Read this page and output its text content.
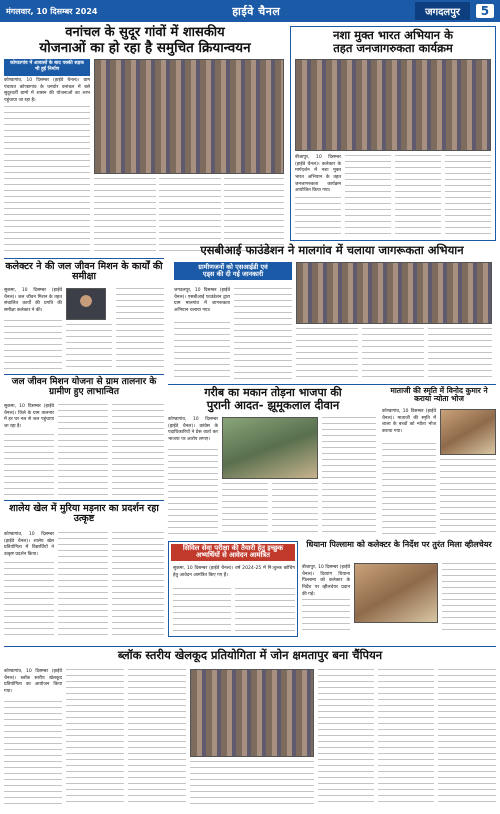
मंगलवार, 10 दिसम्बर 2024	हाईवे चैनल	जगदलपुर	5
वनांचल के सुदूर गांवों में शासकीय
योजनाओं का हो रहा है समुचित क्रियान्वयन
कोण्डागांव में आवासों के बाद पक्की सड़क भी हुई निर्माण
कोण्डागांव, 10 दिसम्बर (हाईवे चैनल)। ग्राम पंचायत कोण्डागांव के घनघोर वनांचल में बसे सुदूरवर्ती ग्रामों में शासन की योजनाओं का लाभ पहुंचाया जा रहा है।
कलेक्टर ने की जल जीवन मिशन के कार्यों की समीक्षा
सुकमा, 10 दिसम्बर (हाईवे चैनल)। जल जीवन मिशन के तहत संचालित कार्यों की प्रगति की समीक्षा कलेक्टर ने की।
जल जीवन मिशन योजना से ग्राम तालनार के ग्रामीण हुए लाभान्वित
सुकमा, 10 दिसम्बर (हाईवे चैनल)। जिले के ग्राम तालनार में हर घर नल से जल पहुंचाया जा रहा है।
शालेय खेल में मुरिया मड़नार का प्रदर्शन रहा उत्कृष्ट
कोण्डागांव, 10 दिसम्बर (हाईवे चैनल)। शालेय खेल प्रतियोगिता में विद्यार्थियों ने उत्कृष्ट प्रदर्शन किया।
नशा मुक्त भारत अभियान के
तहत जनजागरुकता कार्यक्रम
बीजापुर, 10 दिसम्बर (हाईवे चैनल)। कलेक्टर के मार्गदर्शन में नशा मुक्त भारत अभियान के तहत जनजागरुकता कार्यक्रम आयोजित किया गया।
एसबीआई फाउंडेशन ने मालगांव में चलाया जागरूकता अभियान
ग्रामीणजनों को एसआईडी एवं
एड्स की दी गई जानकारी
जगदलपुर, 10 दिसम्बर (हाईवे चैनल)। एसबीआई फाउंडेशन द्वारा ग्राम मालगांव में जागरूकता अभियान चलाया गया।
गरीब का मकान तोड़ना भाजपा की
पुरानी आदत- झूमूकलाल दीवान
कोण्डागांव, 10 दिसम्बर (हाईवे चैनल)। कांग्रेस के पदाधिकारियों ने प्रेस वार्ता कर भाजपा पर आरोप लगाए।
माताजी की स्मृति में विनोद कुमार ने कराया न्योता भोज
कोण्डागांव, 10 दिसम्बर (हाईवे चैनल)। माताजी की स्मृति में शाला के बच्चों को न्योता भोज कराया गया।
सिविल सेवा परीक्षा की तैयारी हेतु इच्छुक अभ्यर्थियों से आवेदन आमंत्रित
सुकमा, 10 दिसम्बर (हाईवे चैनल)। वर्ष 2024-25 में नि:शुल्क कोचिंग हेतु आवेदन आमंत्रित किए गए हैं।
धियाना पिल्लामा को कलेक्टर के निर्देश पर तुरंत मिला व्हीलचेयर
बीजापुर, 10 दिसम्बर (हाईवे चैनल)। दिव्यांग धियाना पिल्लामा को कलेक्टर के निर्देश पर व्हीलचेयर प्रदान की गई।
ब्लॉक स्तरीय खेलकूद प्रतियोगिता में जोन क्षमतापुर बना चैंपियन
कोण्डागांव, 10 दिसम्बर (हाईवे चैनल)। ब्लॉक स्तरीय खेलकूद प्रतियोगिता का आयोजन किया गया।
